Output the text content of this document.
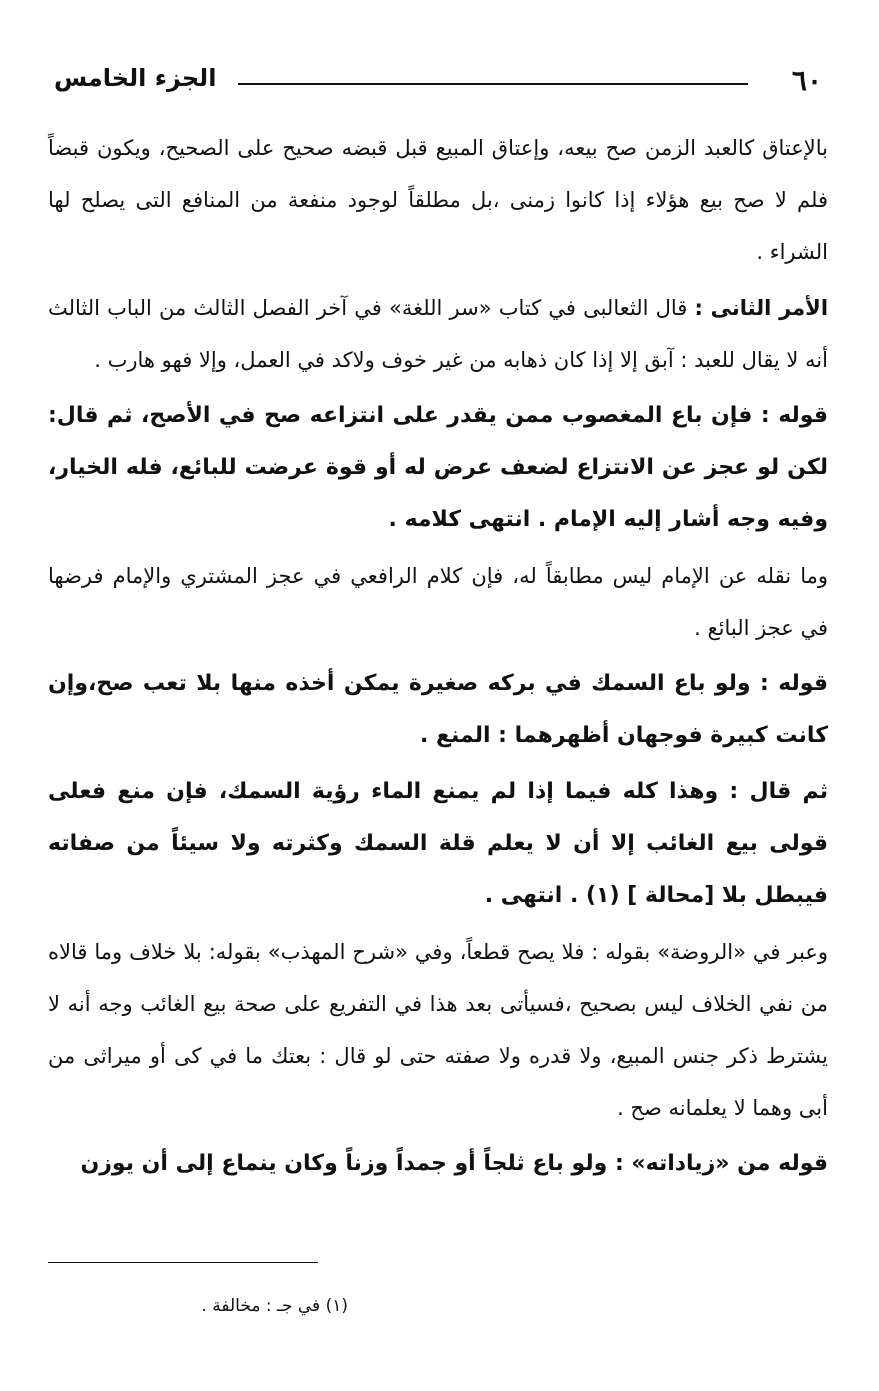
٦٠
الجزء الخامس

بالإعتاق كالعبد الزمن صح بيعه، وإعتاق المبيع قبل قبضه صحيح على الصحيح، ويكون قبضاً فلم لا صح بيع هؤلاء إذا كانوا زمنى ،بل مطلقاً لوجود منفعة من المنافع التى يصلح لها الشراء .

الأمر الثانى : قال الثعالبى في كتاب «سر اللغة» في آخر الفصل الثالث من الباب الثالث أنه لا يقال للعبد : آبق إلا إذا كان ذهابه من غير خوف ولاكد في العمل، وإلا فهو هارب .

قوله : فإن باع المغصوب ممن يقدر على انتزاعه صح في الأصح، ثم قال: لكن لو عجز عن الانتزاع لضعف عرض له أو قوة عرضت للبائع، فله الخيار، وفيه وجه أشار إليه الإمام . انتهى كلامه .

وما نقله عن الإمام ليس مطابقاً له، فإن كلام الرافعي في عجز المشتري والإمام فرضها في عجز البائع .

قوله : ولو باع السمك في بركه صغيرة يمكن أخذه منها بلا تعب صح،وإن كانت كبيرة فوجهان أظهرهما : المنع .

ثم قال : وهذا كله فيما إذا لم يمنع الماء رؤية السمك، فإن منع فعلى قولى بيع الغائب إلا أن لا يعلم قلة السمك وكثرته ولا سيئاً من صفاته فيبطل بلا [محالة ] (١) . انتهى .

وعبر في «الروضة» بقوله : فلا يصح قطعاً، وفي «شرح المهذب» بقوله: بلا خلاف وما قالاه من نفي الخلاف ليس بصحيح ،فسيأتى بعد هذا في التفريع على صحة بيع الغائب وجه أنه لا يشترط ذكر جنس المبيع، ولا قدره ولا صفته حتى لو قال : بعتك ما في كى أو ميراثى من أبى وهما لا يعلمانه صح .

قوله من «زياداته» : ولو باع ثلجاً أو جمداً وزناً وكان ينماع إلى أن يوزن

(١) في جـ : مخالفة .
